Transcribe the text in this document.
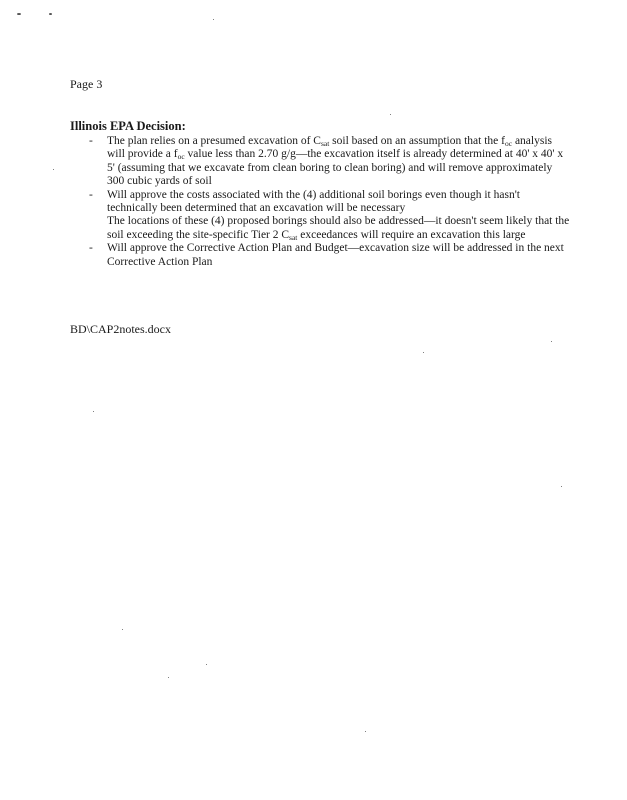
Page 3
Illinois EPA Decision:
- The plan relies on a presumed excavation of $C_{sat}$ soil based on an assumption that the $f_{oc}$ analysis will provide a $f_{oc}$ value less than 2.70 g/g—the excavation itself is already determined at 40' x 40' x 5' (assuming that we excavate from clean boring to clean boring) and will remove approximately 300 cubic yards of soil
- Will approve the costs associated with the (4) additional soil borings even though it hasn't technically been determined that an excavation will be necessary
The locations of these (4) proposed borings should also be addressed—it doesn't seem likely that the soil exceeding the site-specific Tier 2 $C_{sat}$ exceedances will require an excavation this large
- Will approve the Corrective Action Plan and Budget—excavation size will be addressed in the next Corrective Action Plan
BD\CAP2notes.docx
